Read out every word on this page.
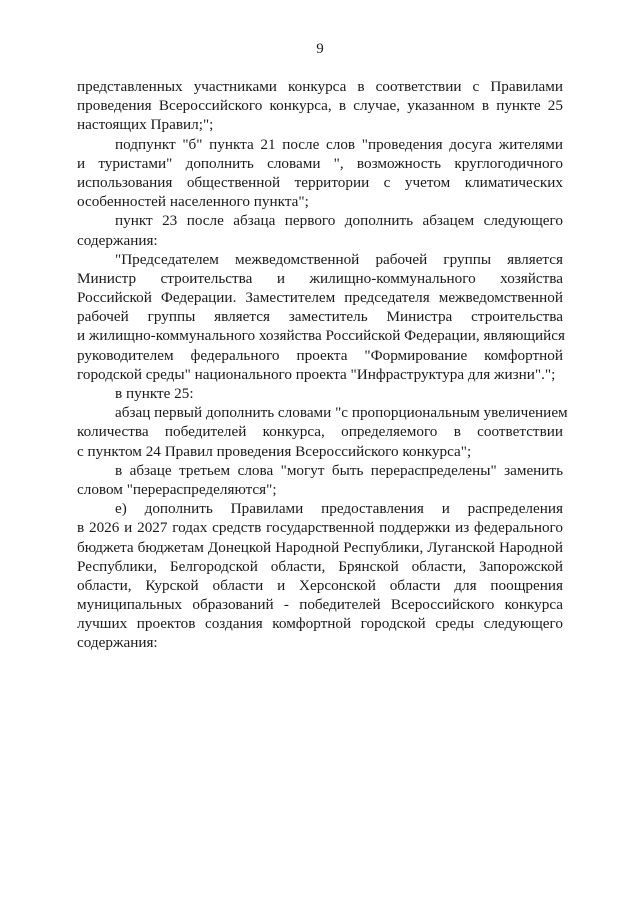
9
представленных участниками конкурса в соответствии с Правилами
проведения Всероссийского конкурса, в случае, указанном в пункте 25
настоящих Правил;";
подпункт "б" пункта 21 после слов "проведения досуга жителями
и туристами" дополнить словами ", возможность круглогодичного
использования общественной территории с учетом климатических
особенностей населенного пункта";
пункт 23 после абзаца первого дополнить абзацем следующего
содержания:
"Председателем межведомственной рабочей группы является
Министр строительства и жилищно-коммунального хозяйства
Российской Федерации. Заместителем председателя межведомственной
рабочей группы является заместитель Министра строительства
и жилищно-коммунального хозяйства Российской Федерации, являющийся
руководителем федерального проекта "Формирование комфортной
городской среды" национального проекта "Инфраструктура для жизни".";
в пункте 25:
абзац первый дополнить словами "с пропорциональным увеличением
количества победителей конкурса, определяемого в соответствии
с пунктом 24 Правил проведения Всероссийского конкурса";
в абзаце третьем слова "могут быть перераспределены" заменить
словом "перераспределяются";
е) дополнить Правилами предоставления и распределения
в 2026 и 2027 годах средств государственной поддержки из федерального
бюджета бюджетам Донецкой Народной Республики, Луганской Народной
Республики, Белгородской области, Брянской области, Запорожской
области, Курской области и Херсонской области для поощрения
муниципальных образований - победителей Всероссийского конкурса
лучших проектов создания комфортной городской среды следующего
содержания:
